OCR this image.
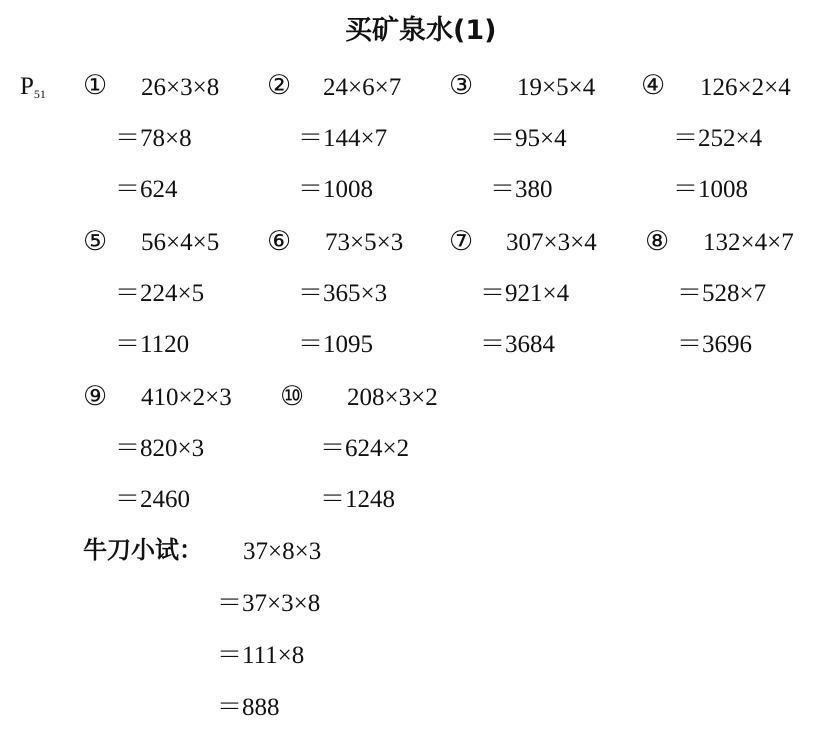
买矿泉水(1)
$P_{51}$ ① 26×3×8
＝78×8
＝624
② 24×6×7
＝144×7
＝1008
③ 19×5×4
＝95×4
＝380
④ 126×2×4
＝252×4
＝1008
⑤ 56×4×5
＝224×5
＝1120
⑥ 73×5×3
＝365×3
＝1095
⑦ 307×3×4
＝921×4
＝3684
⑧ 132×4×7
＝528×7
＝3696
⑨ 410×2×3
＝820×3
＝2460
⑩ 208×3×2
＝624×2
＝1248
牛刀小试： 37×8×3
＝37×3×8
＝111×8
＝888
